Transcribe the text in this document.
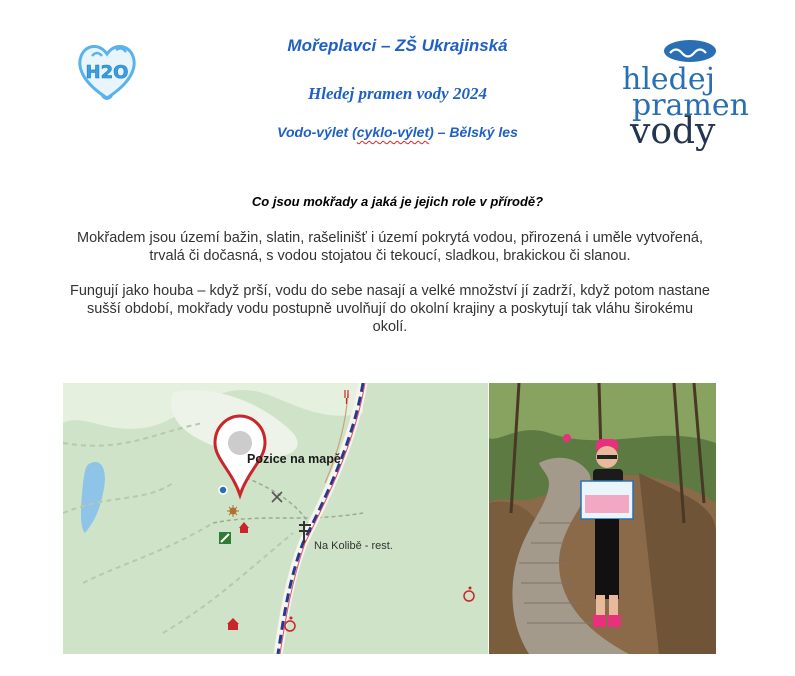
H2O	hledej
pramen
vody
Mořeplavci – ZŠ Ukrajinská
Hledej pramen vody 2024
Vodo-výlet (cyklo-výlet) – Bělský les
Co jsou mokřady a jaká je jejich role v přírodě?
Mokřadem jsou území bažin, slatin, rašelinišť i území pokrytá vodou, přirozená i uměle vytvořená, trvalá či dočasná, s vodou stojatou či tekoucí, sladkou, brakickou či slanou.
Fungují jako houba – když prší, vodu do sebe nasají a velké množství jí zadrží, když potom nastane sušší období, mokřady vodu postupně uvolňují do okolní krajiny a poskytují tak vláhu širokému okolí.
Pozice na mapě
Na Kolibě - rest.
